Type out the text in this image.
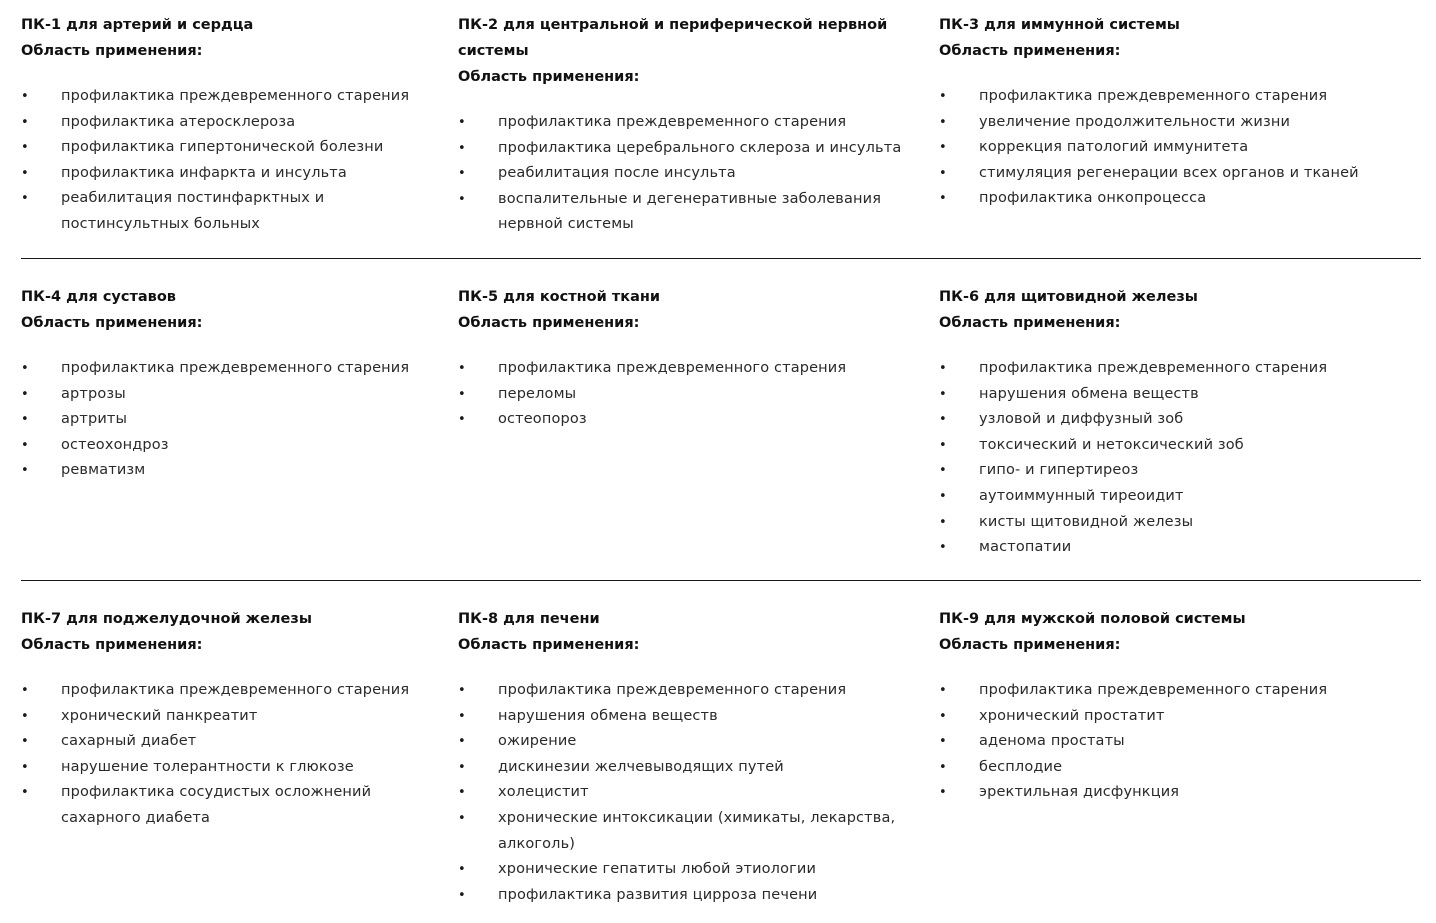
ПК-1 для артерий и сердца

Область применения:

•	профилактика преждевременного старения
•	профилактика атеросклероза
•	профилактика гипертонической болезни
•	профилактика инфаркта и инсульта
•	реабилитация постинфарктных и постинсультных больных

ПК-2 для центральной и периферической нервной системы

Область применения:

•	профилактика преждевременного старения
•	профилактика церебрального склероза и инсульта
•	реабилитация после инсульта
•	воспалительные и дегенеративные заболевания нервной системы

ПК-3 для иммунной системы

Область применения:

•	профилактика преждевременного старения
•	увеличение продолжительности жизни
•	коррекция патологий иммунитета
•	стимуляция регенерации всех органов и тканей
•	профилактика онкопроцесса

ПК-4 для суставов

Область применения:

•	профилактика преждевременного старения
•	артрозы
•	артриты
•	остеохондроз
•	ревматизм

ПК-5 для костной ткани

Область применения:

•	профилактика преждевременного старения
•	переломы
•	остеопороз

ПК-6 для щитовидной железы

Область применения:

•	профилактика преждевременного старения
•	нарушения обмена веществ
•	узловой и диффузный зоб
•	токсический и нетоксический зоб
•	гипо- и гипертиреоз
•	аутоиммунный тиреоидит
•	кисты щитовидной железы
•	мастопатии

ПК-7 для поджелудочной железы

Область применения:

•	профилактика преждевременного старения
•	хронический панкреатит
•	сахарный диабет
•	нарушение толерантности к глюкозе
•	профилактика сосудистых осложнений сахарного диабета

ПК-8 для печени

Область применения:

•	профилактика преждевременного старения
•	нарушения обмена веществ
•	ожирение
•	дискинезии желчевыводящих путей
•	холецистит
•	хронические интоксикации (химикаты, лекарства, алкоголь)
•	хронические гепатиты любой этиологии
•	профилактика развития цирроза печени

ПК-9 для мужской половой системы

Область применения:

•	профилактика преждевременного старения
•	хронический простатит
•	аденома простаты
•	бесплодие
•	эректильная дисфункция
